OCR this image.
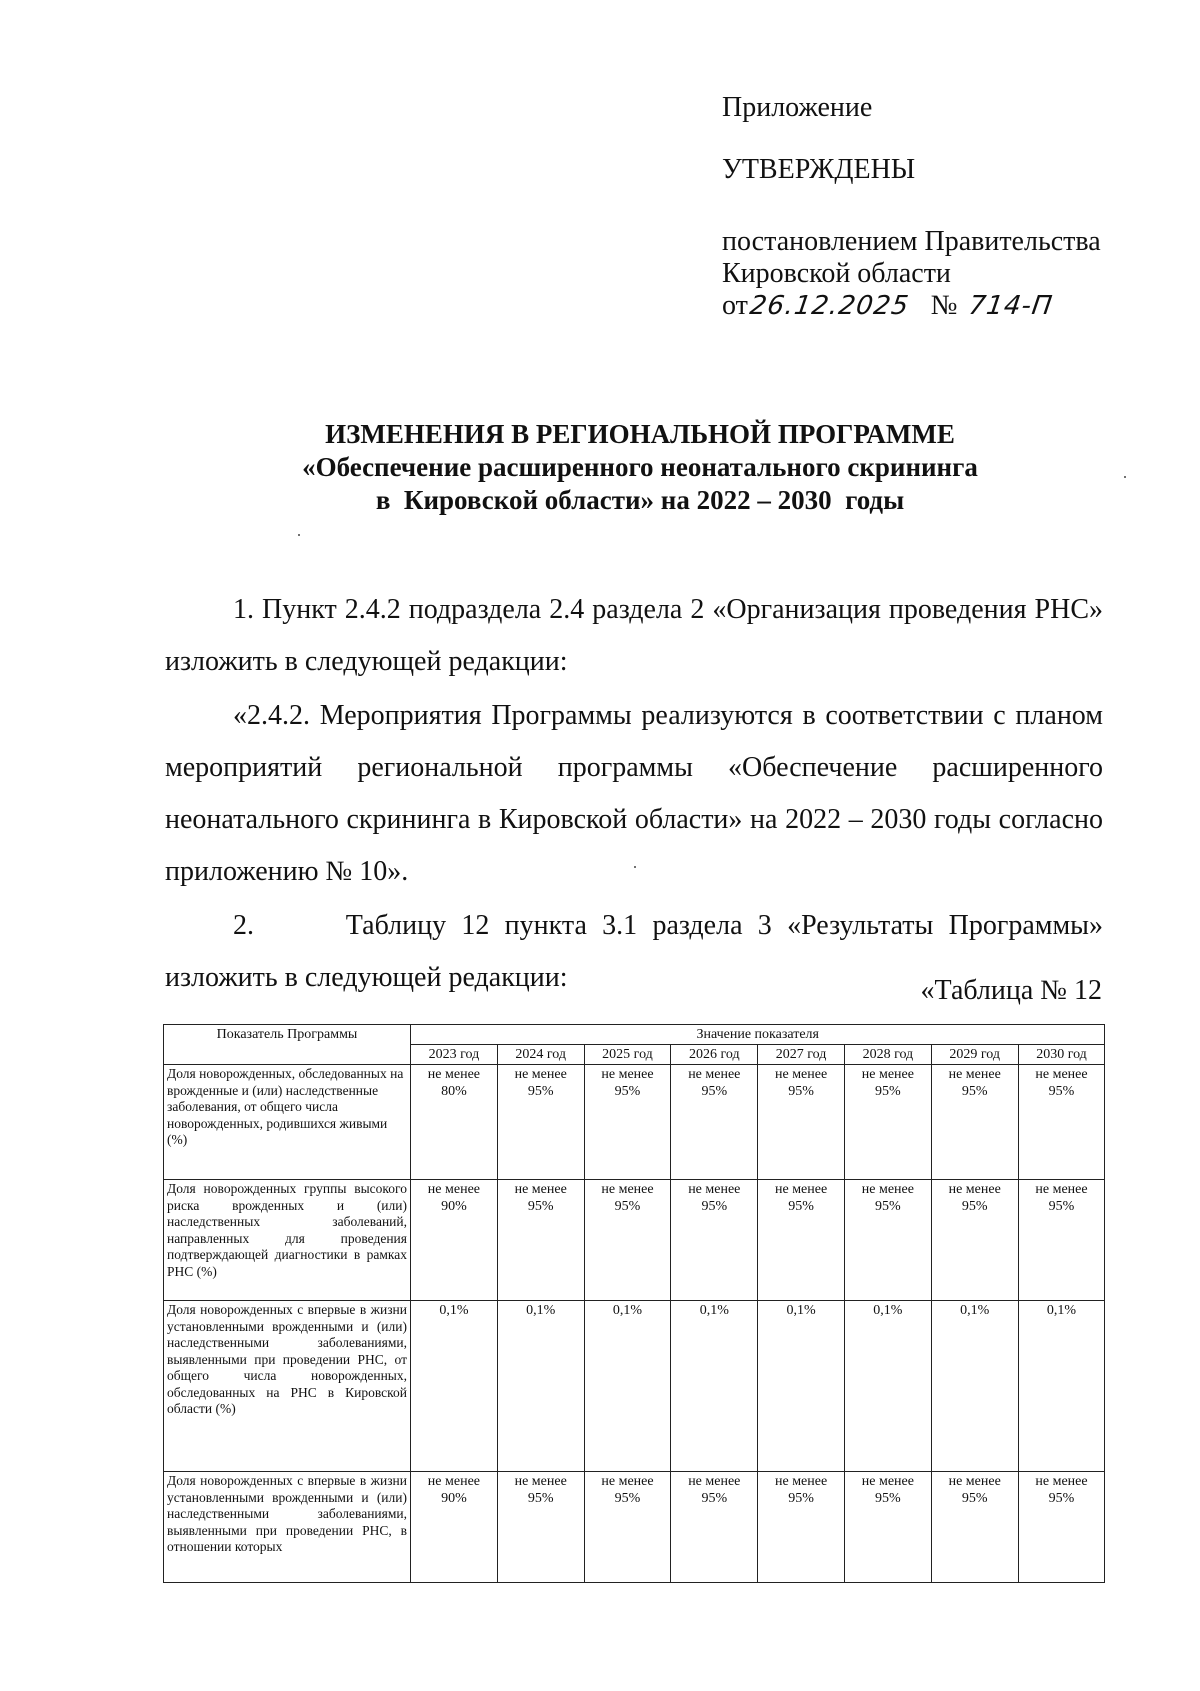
Приложение
УТВЕРЖДЕНЫ
постановлением Правительства
Кировской области
от26.12.2025 № 714-П
ИЗМЕНЕНИЯ В РЕГИОНАЛЬНОЙ ПРОГРАММЕ
«Обеспечение расширенного неонатального скрининга
в  Кировской области» на 2022 – 2030  годы

1. Пункт 2.4.2 подраздела 2.4 раздела 2 «Организация проведения РНС» изложить в следующей редакции:

«2.4.2. Мероприятия Программы реализуются в соответствии с планом мероприятий региональной программы «Обеспечение расширенного неонатального скрининга в Кировской области» на 2022 – 2030 годы согласно приложению № 10».

2.      Таблицу 12 пункта 3.1 раздела 3 «Результаты Программы» изложить в следующей редакции:	«Таблица № 12
Показатель Программы	Значение показателя							
	2023 год	2024 год	2025 год	2026 год	2027 год	2028 год	2029 год	2030 год
Доля новорожденных, обследованных на врожденные и (или) наследственные заболевания, от общего числа новорожденных, родившихся живыми (%)	не менее 80%	не менее 95%	не менее 95%	не менее 95%	не менее 95%	не менее 95%	не менее 95%	не менее 95%
Доля новорожденных группы высокого риска врожденных и (или) наследственных заболеваний, направленных для проведения подтверждающей диагностики в рамках РНС (%)	не менее 90%	не менее 95%	не менее 95%	не менее 95%	не менее 95%	не менее 95%	не менее 95%	не менее 95%
Доля новорожденных с впервые в жизни установленными врожденными и (или) наследственными заболеваниями, выявленными при проведении РНС, от общего числа новорожденных, обследованных на РНС в Кировской области (%)	0,1%	0,1%	0,1%	0,1%	0,1%	0,1%	0,1%	0,1%
Доля новорожденных с впервые в жизни установленными врожденными и (или) наследственными заболеваниями, выявленными при проведении РНС, в отношении которых	не менее 90%	не менее 95%	не менее 95%	не менее 95%	не менее 95%	не менее 95%	не менее 95%	не менее 95%
